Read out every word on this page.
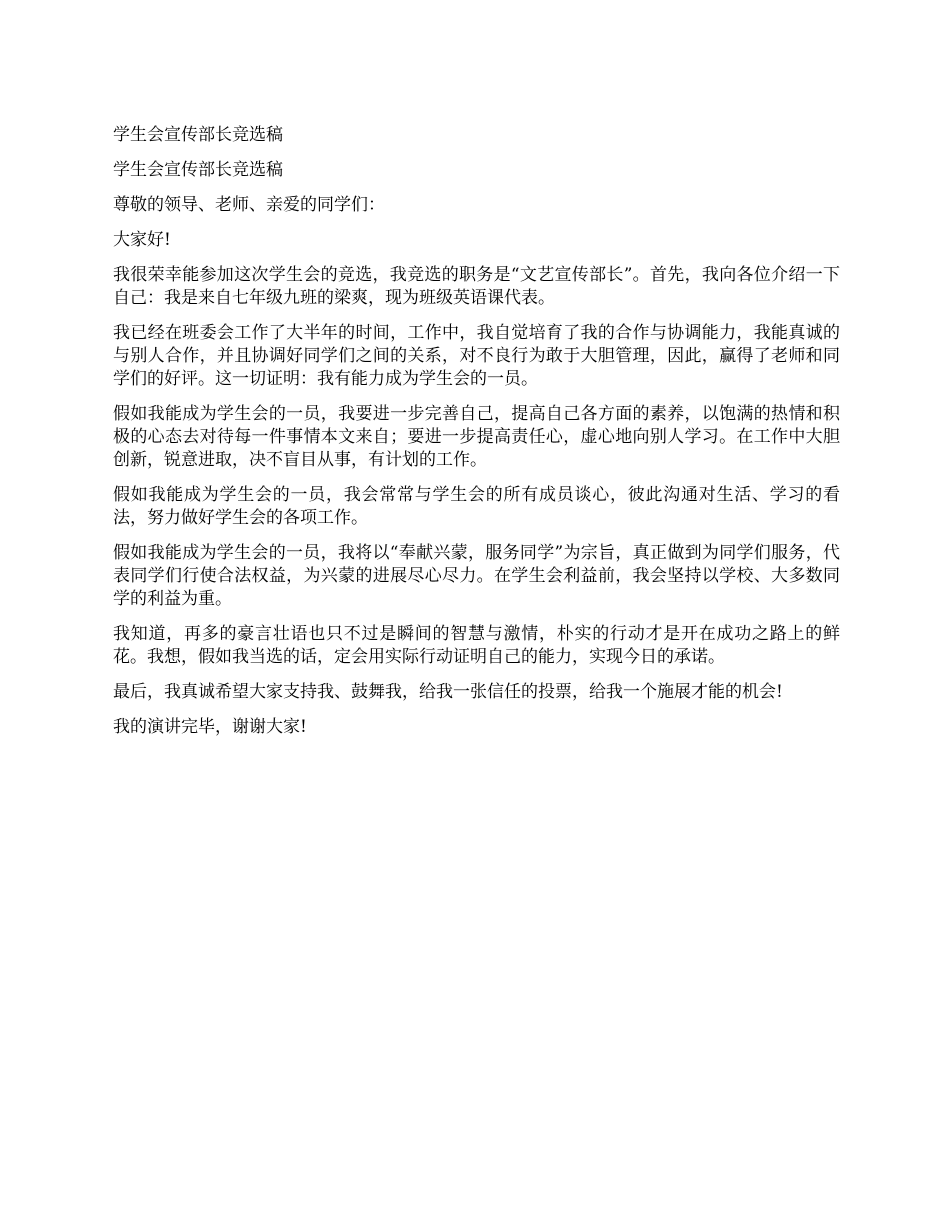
学生会宣传部长竞选稿

学生会宣传部长竞选稿

尊敬的领导、老师、亲爱的同学们：

大家好!

我很荣幸能参加这次学生会的竞选，我竞选的职务是“文艺宣传部长”。首先，我向各位介绍一下自己：我是来自七年级九班的梁爽，现为班级英语课代表。

我已经在班委会工作了大半年的时间，工作中，我自觉培育了我的合作与协调能力，我能真诚的与别人合作，并且协调好同学们之间的关系，对不良行为敢于大胆管理，因此，赢得了老师和同学们的好评。这一切证明：我有能力成为学生会的一员。

假如我能成为学生会的一员，我要进一步完善自己，提高自己各方面的素养，以饱满的热情和积极的心态去对待每一件事情本文来自；要进一步提高责任心，虚心地向别人学习。在工作中大胆创新，锐意进取，决不盲目从事，有计划的工作。

假如我能成为学生会的一员，我会常常与学生会的所有成员谈心，彼此沟通对生活、学习的看法，努力做好学生会的各项工作。

假如我能成为学生会的一员，我将以“奉献兴蒙，服务同学”为宗旨，真正做到为同学们服务，代表同学们行使合法权益，为兴蒙的进展尽心尽力。在学生会利益前，我会坚持以学校、大多数同学的利益为重。

我知道，再多的豪言壮语也只不过是瞬间的智慧与激情，朴实的行动才是开在成功之路上的鲜花。我想，假如我当选的话，定会用实际行动证明自己的能力，实现今日的承诺。

最后，我真诚希望大家支持我、鼓舞我，给我一张信任的投票，给我一个施展才能的机会!

我的演讲完毕，谢谢大家!
